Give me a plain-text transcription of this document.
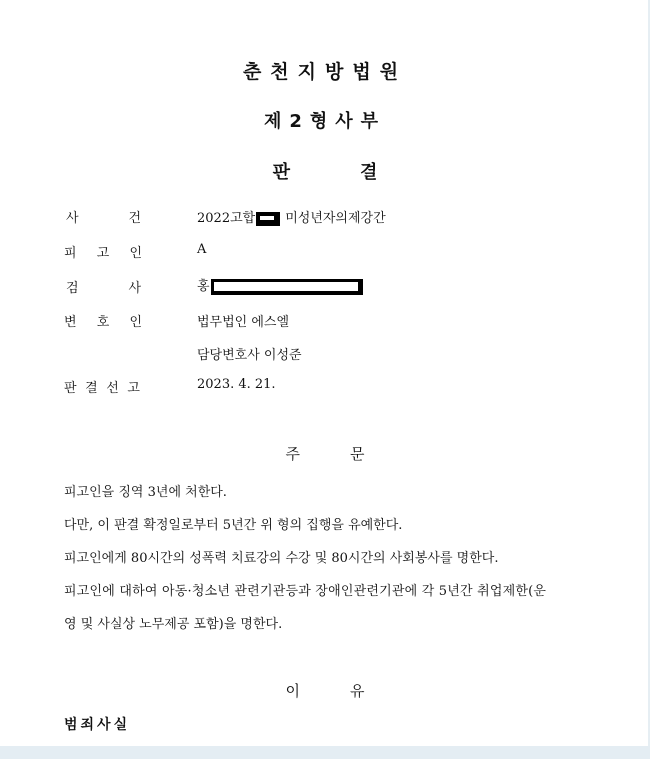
춘천지방법원
제2형사부
판	결
사	건	2022고합 미성년자의제강간
피 고 인	A
검	사	홍
변 호 인	법무법인 에스엘
담당변호사 이성준
판 결 선 고	2023. 4. 21.
주	문
피고인을 징역 3년에 처한다.
다만, 이 판결 확정일로부터 5년간 위 형의 집행을 유예한다.
피고인에게 80시간의 성폭력 치료강의 수강 및 80시간의 사회봉사를 명한다.
피고인에 대하여 아동·청소년 관련기관등과 장애인관련기관에 각 5년간 취업제한(운
영 및 사실상 노무제공 포함)을 명한다.
이	유
범죄사실
